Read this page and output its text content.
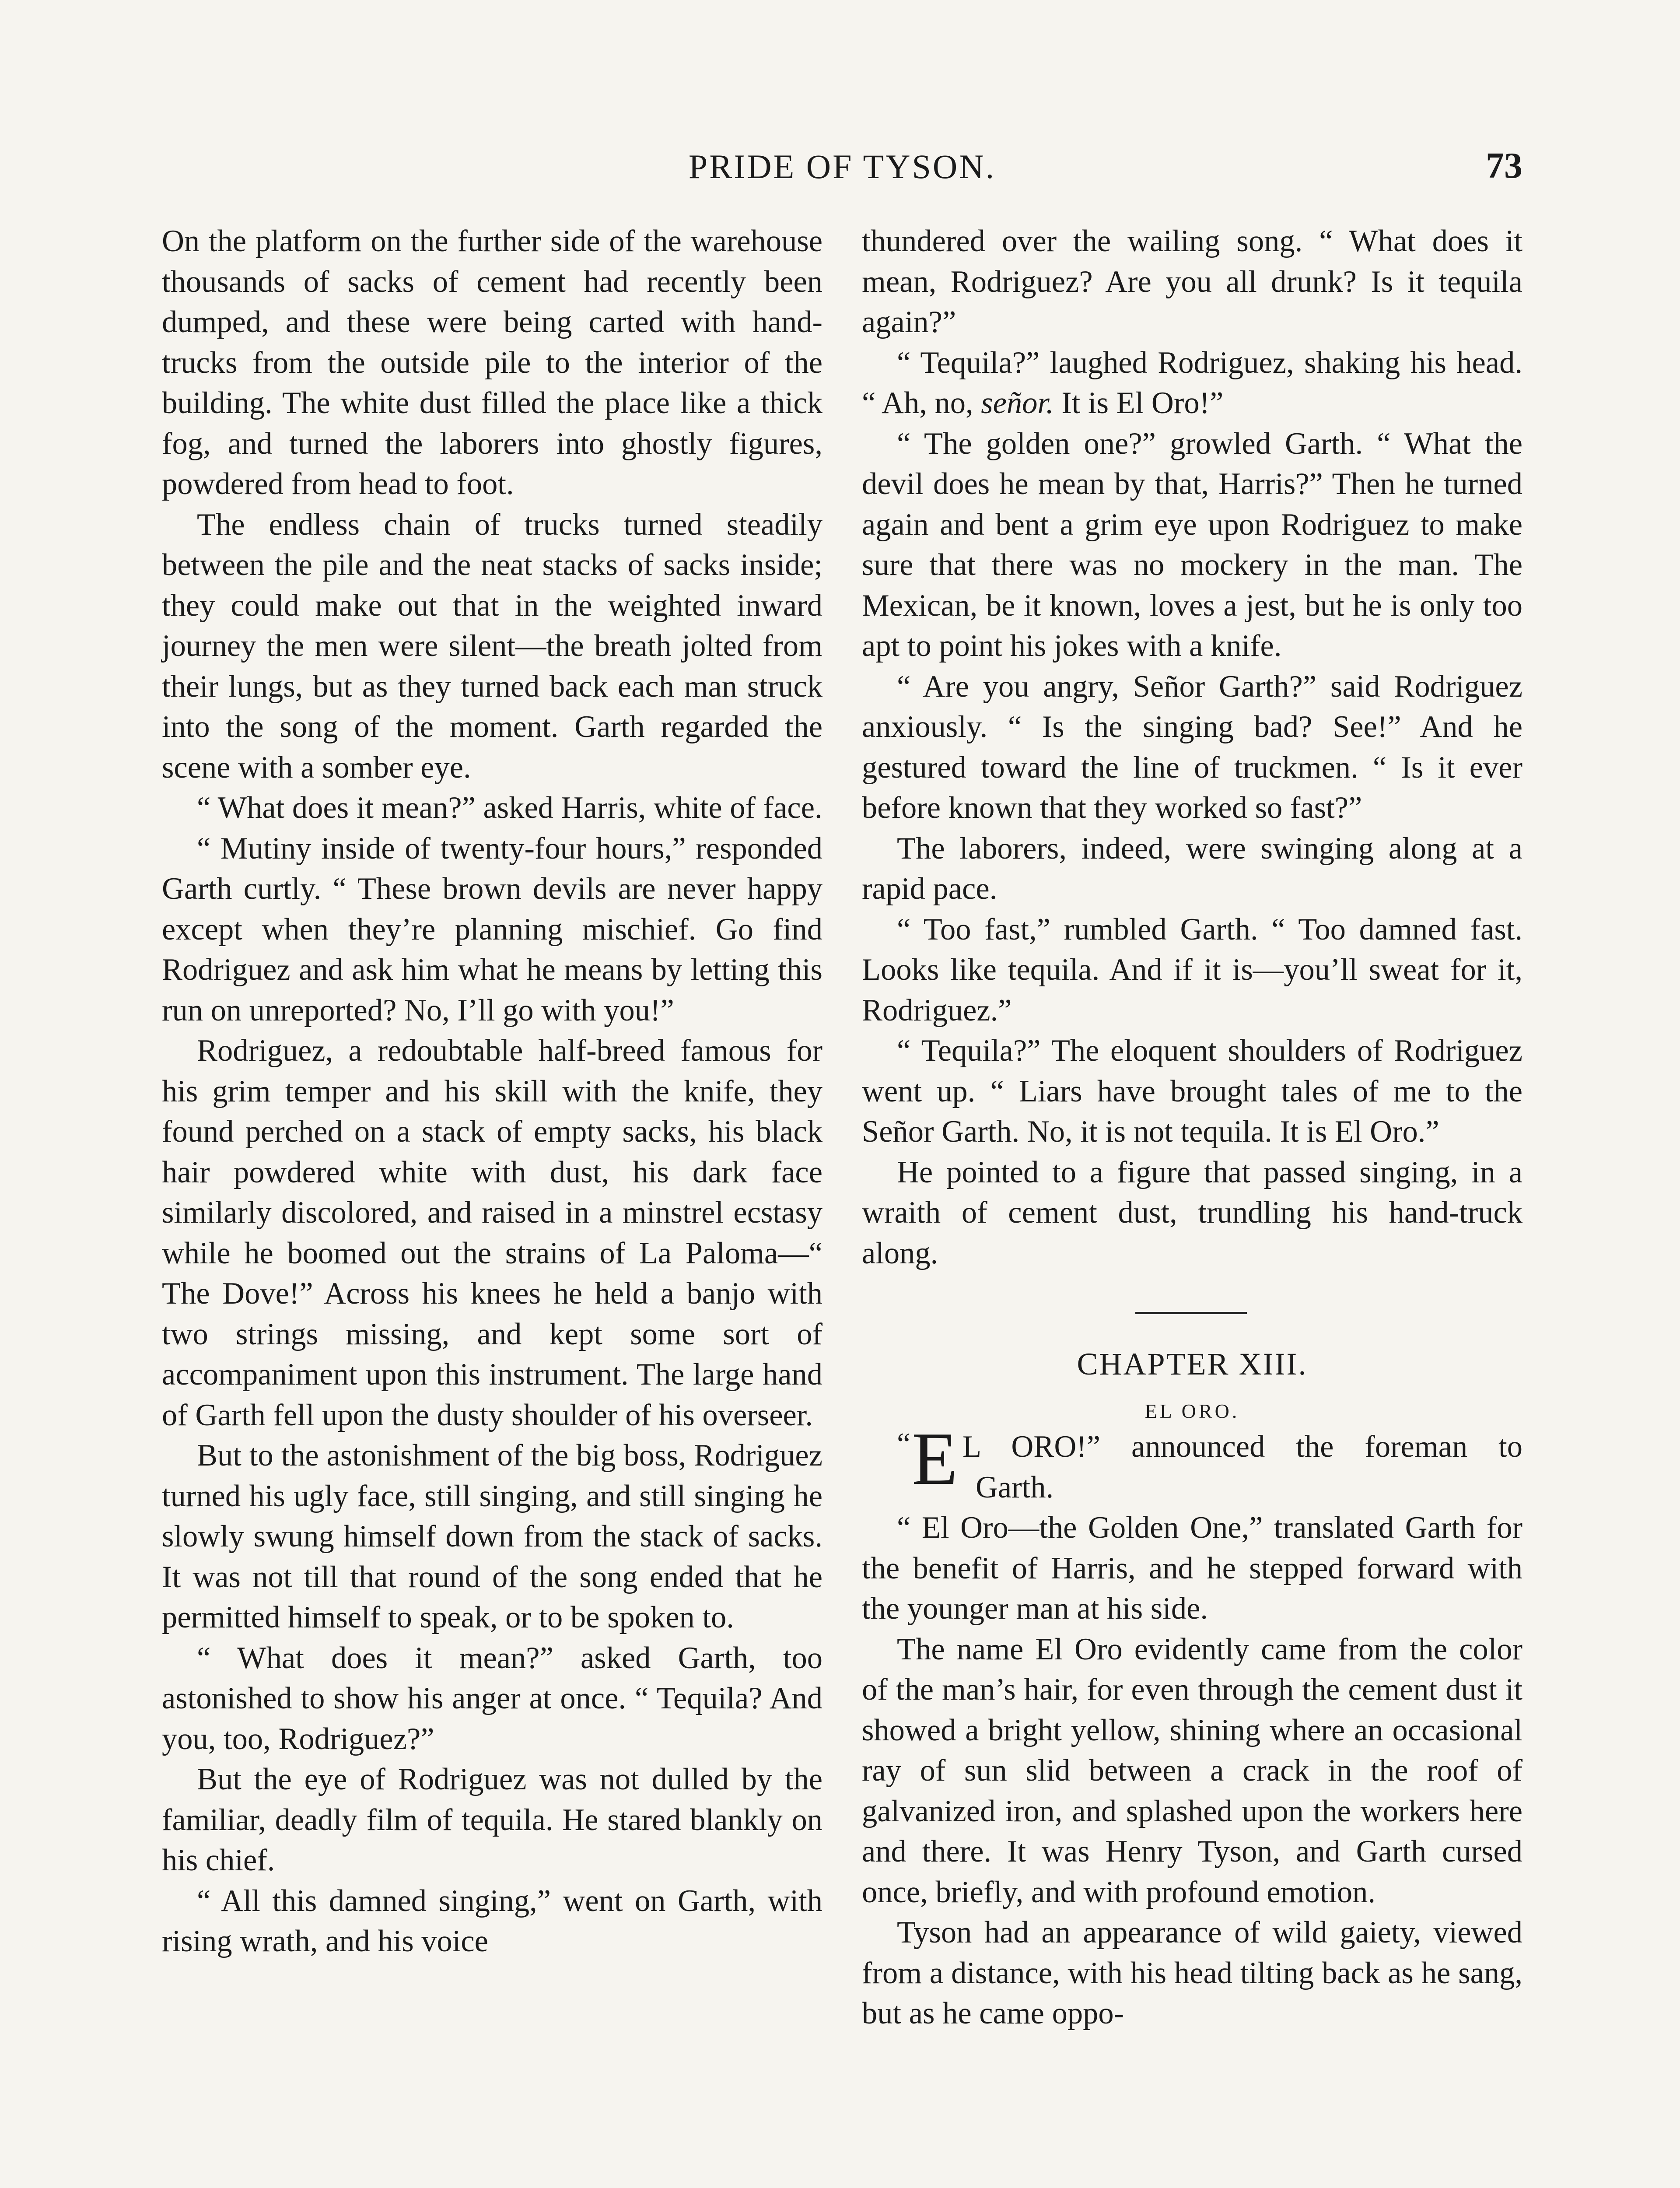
PRIDE OF TYSON.	73

On the platform on the further side of the warehouse thousands of sacks of cement had recently been dumped, and these were being carted with hand-trucks from the outside pile to the interior of the building. The white dust filled the place like a thick fog, and turned the laborers into ghostly figures, powdered from head to foot.

The endless chain of trucks turned steadily between the pile and the neat stacks of sacks inside; they could make out that in the weighted inward journey the men were silent—the breath jolted from their lungs, but as they turned back each man struck into the song of the moment. Garth regarded the scene with a somber eye.

“ What does it mean?” asked Harris, white of face.

“ Mutiny inside of twenty-four hours,” responded Garth curtly. “ These brown devils are never happy except when they’re planning mischief. Go find Rodriguez and ask him what he means by letting this run on unreported? No, I’ll go with you!”

Rodriguez, a redoubtable half-breed famous for his grim temper and his skill with the knife, they found perched on a stack of empty sacks, his black hair powdered white with dust, his dark face similarly discolored, and raised in a minstrel ecstasy while he boomed out the strains of La Paloma—“ The Dove!” Across his knees he held a banjo with two strings missing, and kept some sort of accompaniment upon this instrument. The large hand of Garth fell upon the dusty shoulder of his overseer.

But to the astonishment of the big boss, Rodriguez turned his ugly face, still singing, and still singing he slowly swung himself down from the stack of sacks. It was not till that round of the song ended that he permitted himself to speak, or to be spoken to.

“ What does it mean?” asked Garth, too astonished to show his anger at once. “ Tequila? And you, too, Rodriguez?”

But the eye of Rodriguez was not dulled by the familiar, deadly film of tequila. He stared blankly on his chief.

“ All this damned singing,” went on Garth, with rising wrath, and his voice

thundered over the wailing song. “ What does it mean, Rodriguez? Are you all drunk? Is it tequila again?”

“ Tequila?” laughed Rodriguez, shaking his head. “ Ah, no, señor. It is El Oro!”

“ The golden one?” growled Garth. “ What the devil does he mean by that, Harris?” Then he turned again and bent a grim eye upon Rodriguez to make sure that there was no mockery in the man. The Mexican, be it known, loves a jest, but he is only too apt to point his jokes with a knife.

“ Are you angry, Señor Garth?” said Rodriguez anxiously. “ Is the singing bad? See!” And he gestured toward the line of truckmen. “ Is it ever before known that they worked so fast?”

The laborers, indeed, were swinging along at a rapid pace.

“ Too fast,” rumbled Garth. “ Too damned fast. Looks like tequila. And if it is—you’ll sweat for it, Rodriguez.”

“ Tequila?” The eloquent shoulders of Rodriguez went up. “ Liars have brought tales of me to the Señor Garth. No, it is not tequila. It is El Oro.”

He pointed to a figure that passed singing, in a wraith of cement dust, trundling his hand-truck along.

CHAPTER XIII.
EL ORO.

“ E L ORO!” announced the foreman to
Garth.

“ El Oro—the Golden One,” translated Garth for the benefit of Harris, and he stepped forward with the younger man at his side.

The name El Oro evidently came from the color of the man’s hair, for even through the cement dust it showed a bright yellow, shining where an occasional ray of sun slid between a crack in the roof of galvanized iron, and splashed upon the workers here and there. It was Henry Tyson, and Garth cursed once, briefly, and with profound emotion.

Tyson had an appearance of wild gaiety, viewed from a distance, with his head tilting back as he sang, but as he came oppo-
